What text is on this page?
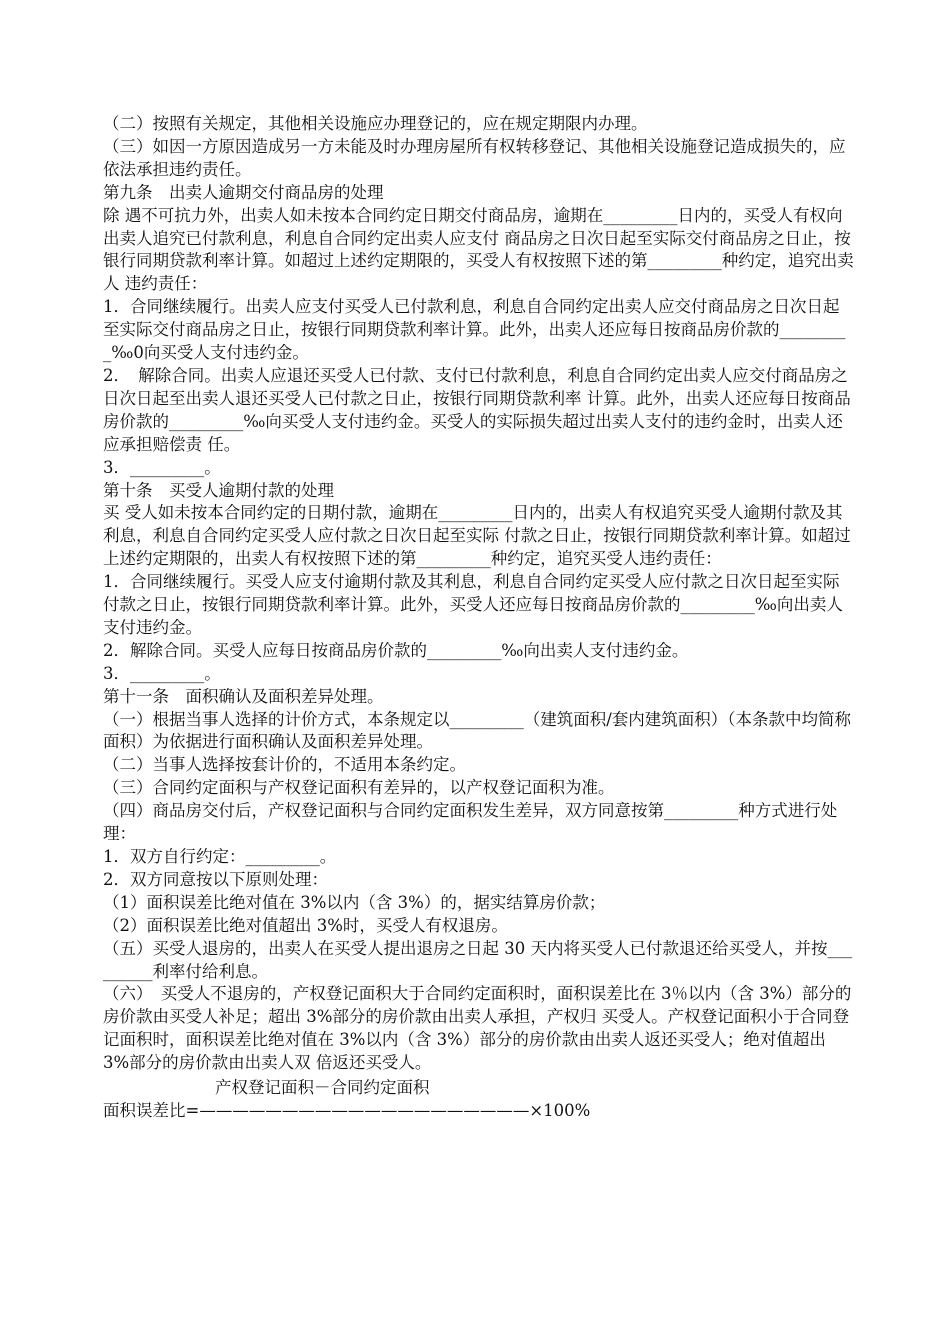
（二）按照有关规定，其他相关设施应办理登记的，应在规定期限内办理。

（三）如因一方原因造成另一方未能及时办理房屋所有权转移登记、其他相关设施登记造成损失的，应依法承担违约责任。

第九条　出卖人逾期交付商品房的处理

除 遇不可抗力外，出卖人如未按本合同约定日期交付商品房，逾期在_________日内的，买受人有权向出卖人追究已付款利息，利息自合同约定出卖人应支付 商品房之日次日起至实际交付商品房之日止，按银行同期贷款利率计算。如超过上述约定期限的，买受人有权按照下述的第_________种约定，追究出卖人 违约责任：

1．合同继续履行。出卖人应支付买受人已付款利息，利息自合同约定出卖人应交付商品房之日次日起至实际交付商品房之日止，按银行同期贷款利率计算。此外，出卖人还应每日按商品房价款的_________‰0向买受人支付违约金。

2．　解除合同。出卖人应退还买受人已付款、支付已付款利息，利息自合同约定出卖人应交付商品房之日次日起至出卖人退还买受人已付款之日止，按银行同期贷款利率 计算。此外，出卖人还应每日按商品房价款的_________‰向买受人支付违约金。买受人的实际损失超过出卖人支付的违约金时，出卖人还应承担赔偿责 任。

3．_________。

第十条　买受人逾期付款的处理

买 受人如未按本合同约定的日期付款，逾期在_________日内的，出卖人有权追究买受人逾期付款及其利息，利息自合同约定买受人应付款之日次日起至实际 付款之日止，按银行同期贷款利率计算。如超过上述约定期限的，出卖人有权按照下述的第_________种约定，追究买受人违约责任：

1．合同继续履行。买受人应支付逾期付款及其利息，利息自合同约定买受人应付款之日次日起至实际付款之日止，按银行同期贷款利率计算。此外，买受人还应每日按商品房价款的_________‰向出卖人支付违约金。

2．解除合同。买受人应每日按商品房价款的_________‰向出卖人支付违约金。

3．_________。

第十一条　面积确认及面积差异处理。

（一）根据当事人选择的计价方式，本条规定以_________（建筑面积/套内建筑面积）（本条款中均简称面积）为依据进行面积确认及面积差异处理。

（二）当事人选择按套计价的，不适用本条约定。

（三）合同约定面积与产权登记面积有差异的，以产权登记面积为准。

（四）商品房交付后，产权登记面积与合同约定面积发生差异，双方同意按第_________种方式进行处理：

1．双方自行约定：_________。

2．双方同意按以下原则处理：

（1）面积误差比绝对值在 3%以内（含 3%）的，据实结算房价款；

（2）面积误差比绝对值超出 3%时，买受人有权退房。

（五）买受人退房的，出卖人在买受人提出退房之日起 30 天内将买受人已付款退还给买受人，并按_________利率付给利息。

（六）　买受人不退房的，产权登记面积大于合同约定面积时，面积误差比在 3％以内（含 3%）部分的房价款由买受人补足；超出 3%部分的房价款由出卖人承担，产权归 买受人。产权登记面积小于合同登记面积时，面积误差比绝对值在 3%以内（含 3%）部分的房价款由出卖人返还买受人；绝对值超出 3%部分的房价款由出卖人双 倍返还买受人。

产权登记面积－合同约定面积

面积误差比=————————————————————×100%
